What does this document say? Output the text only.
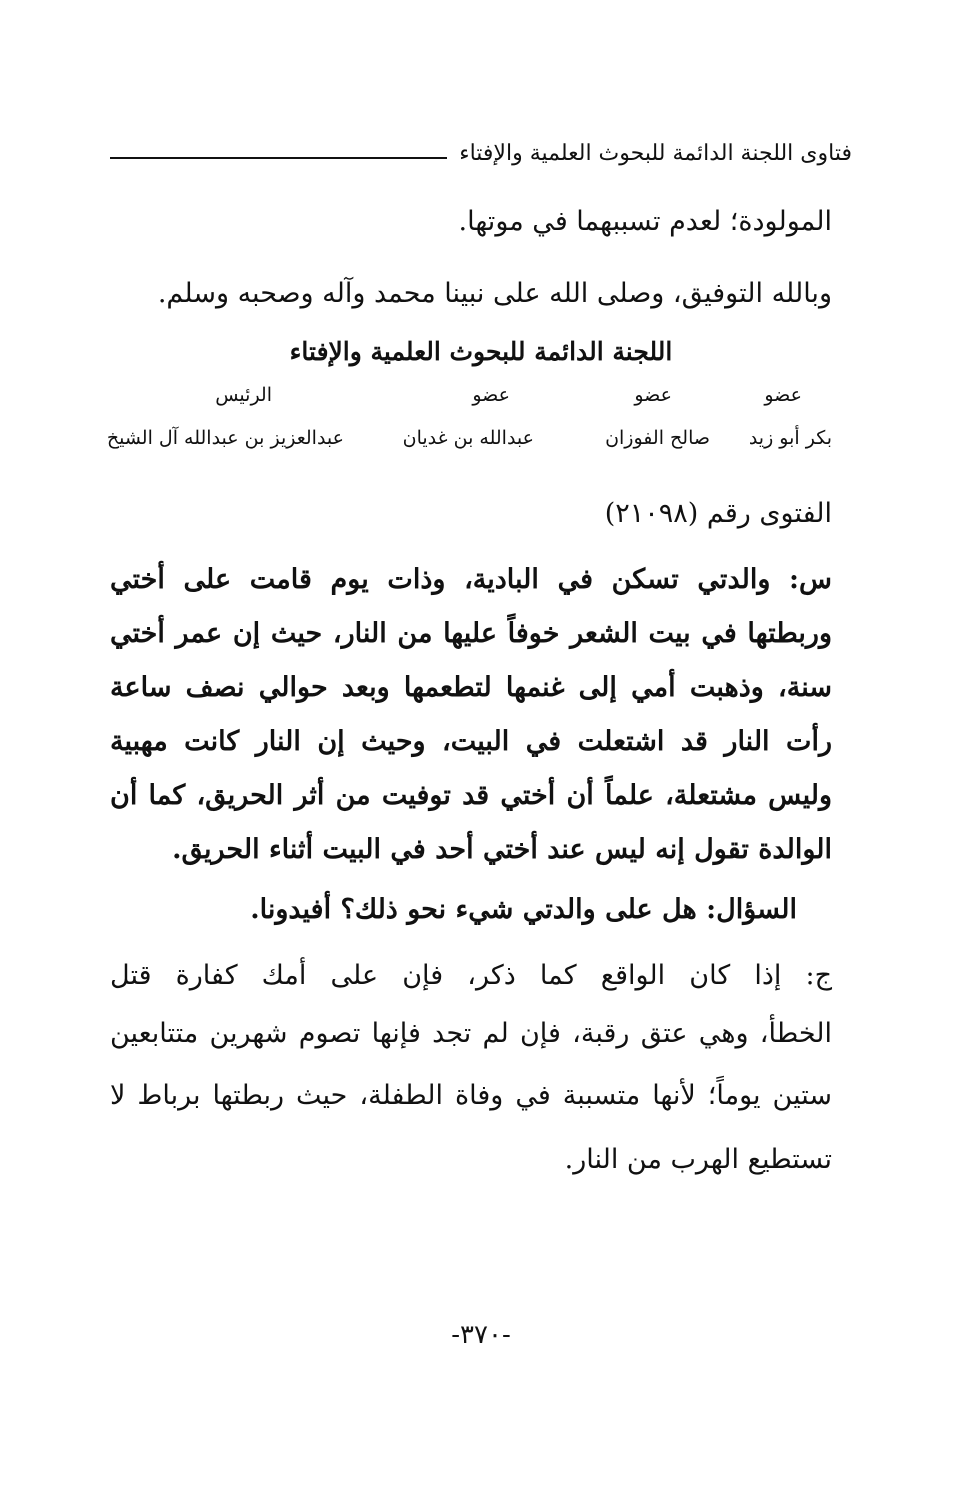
فتاوى اللجنة الدائمة للبحوث العلمية والإفتاء
المولودة؛ لعدم تسببهما في موتها.
وبالله التوفيق، وصلى الله على نبينا محمد وآله وصحبه وسلم.
اللجنة الدائمة للبحوث العلمية والإفتاء
عضو
عضو
عضو
الرئيس
بكر أبو زيد
صالح الفوزان
عبدالله بن غديان
عبدالعزيز بن عبدالله آل الشيخ
الفتوى رقم (٢١٠٩٨)
س: والدتي تسكن في البادية، وذات يوم قامت على أختي
وربطتها في بيت الشعر خوفاً عليها من النار، حيث إن عمر أختي
سنة، وذهبت أمي إلى غنمها لتطعمها وبعد حوالي نصف ساعة
رأت النار قد اشتعلت في البيت، وحيث إن النار كانت مهبية
وليس مشتعلة، علماً أن أختي قد توفيت من أثر الحريق، كما أن
الوالدة تقول إنه ليس عند أختي أحد في البيت أثناء الحريق.
السؤال: هل على والدتي شيء نحو ذلك؟ أفيدونا.
ج: إذا كان الواقع كما ذكر، فإن على أمك كفارة قتل
الخطأ، وهي عتق رقبة، فإن لم تجد فإنها تصوم شهرين متتابعين
ستين يوماً؛ لأنها متسببة في وفاة الطفلة، حيث ربطتها برباط لا
تستطيع الهرب من النار.
-٣٧٠-
